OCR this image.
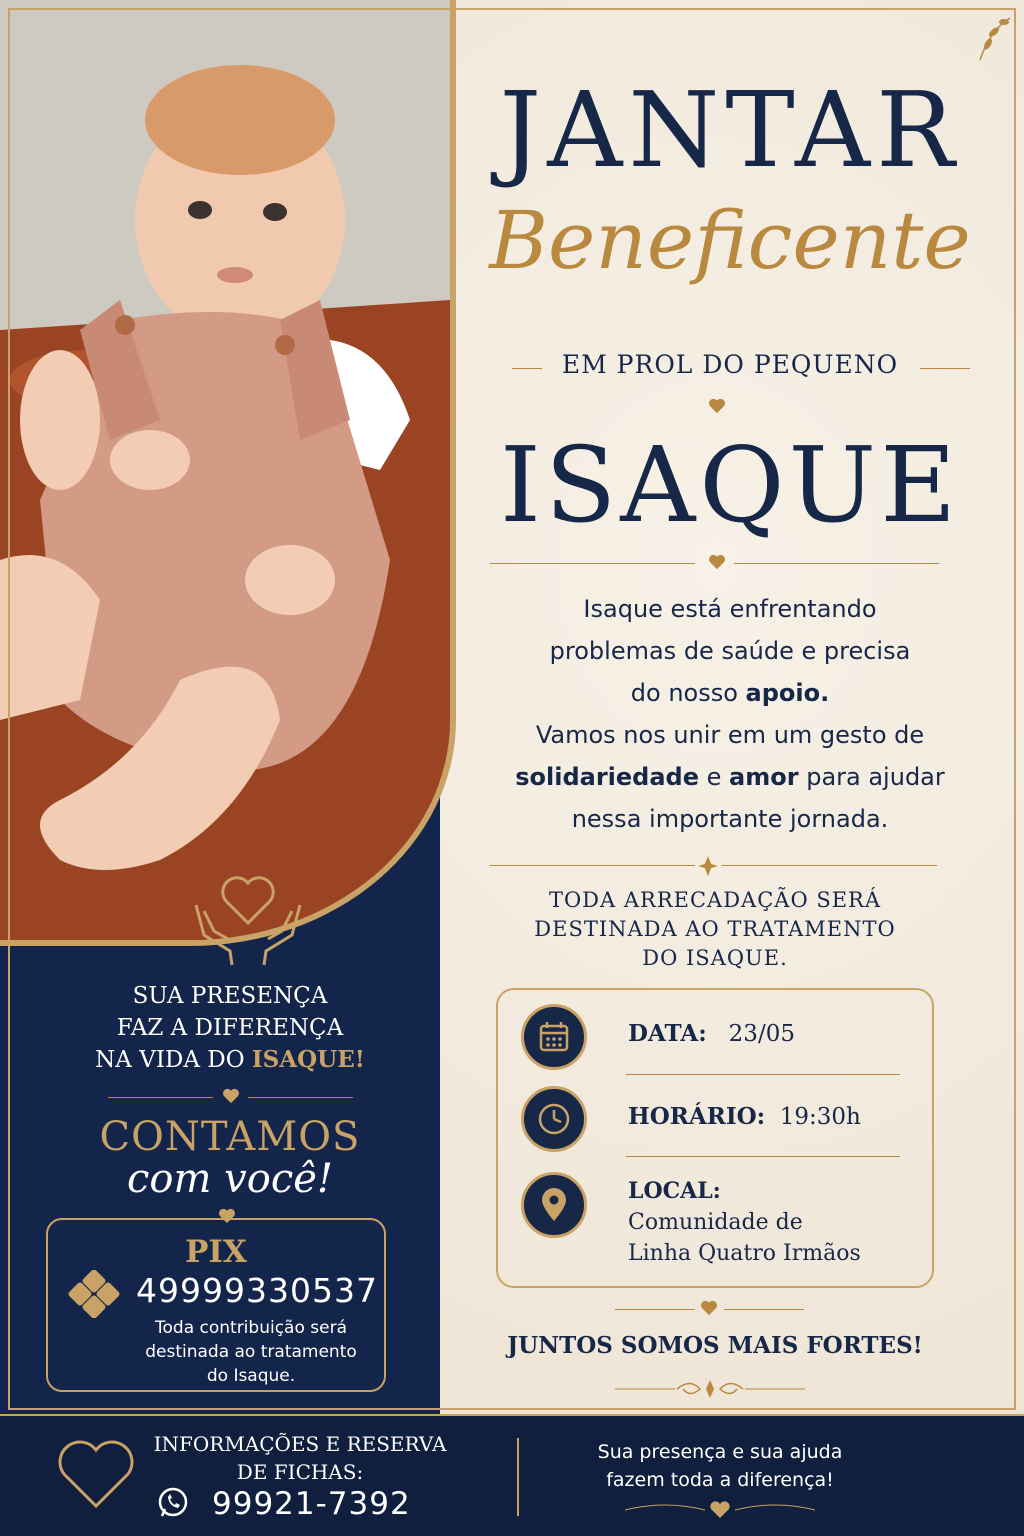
JANTAR
Beneficente
EM PROL DO PEQUENO
ISAQUE
Isaque está enfrentando
problemas de saúde e precisa
do nosso apoio.
Vamos nos unir em um gesto de
solidariedade e amor para ajudar
nessa importante jornada.
TODA ARRECADAÇÃO SERÁ
DESTINADA AO TRATAMENTO
DO ISAQUE.
DATA: 23/05
HORÁRIO: 19:30h
LOCAL:
Comunidade de
Linha Quatro Irmãos
JUNTOS SOMOS MAIS FORTES!
SUA PRESENÇA
FAZ A DIFERENÇA
NA VIDA DO ISAQUE!
CONTAMOS
com você!
PIX
49999330537
Toda contribuição será
destinada ao tratamento
do Isaque.
INFORMAÇÕES E RESERVA
DE FICHAS:
99921-7392
Sua presença e sua ajuda
fazem toda a diferença!
